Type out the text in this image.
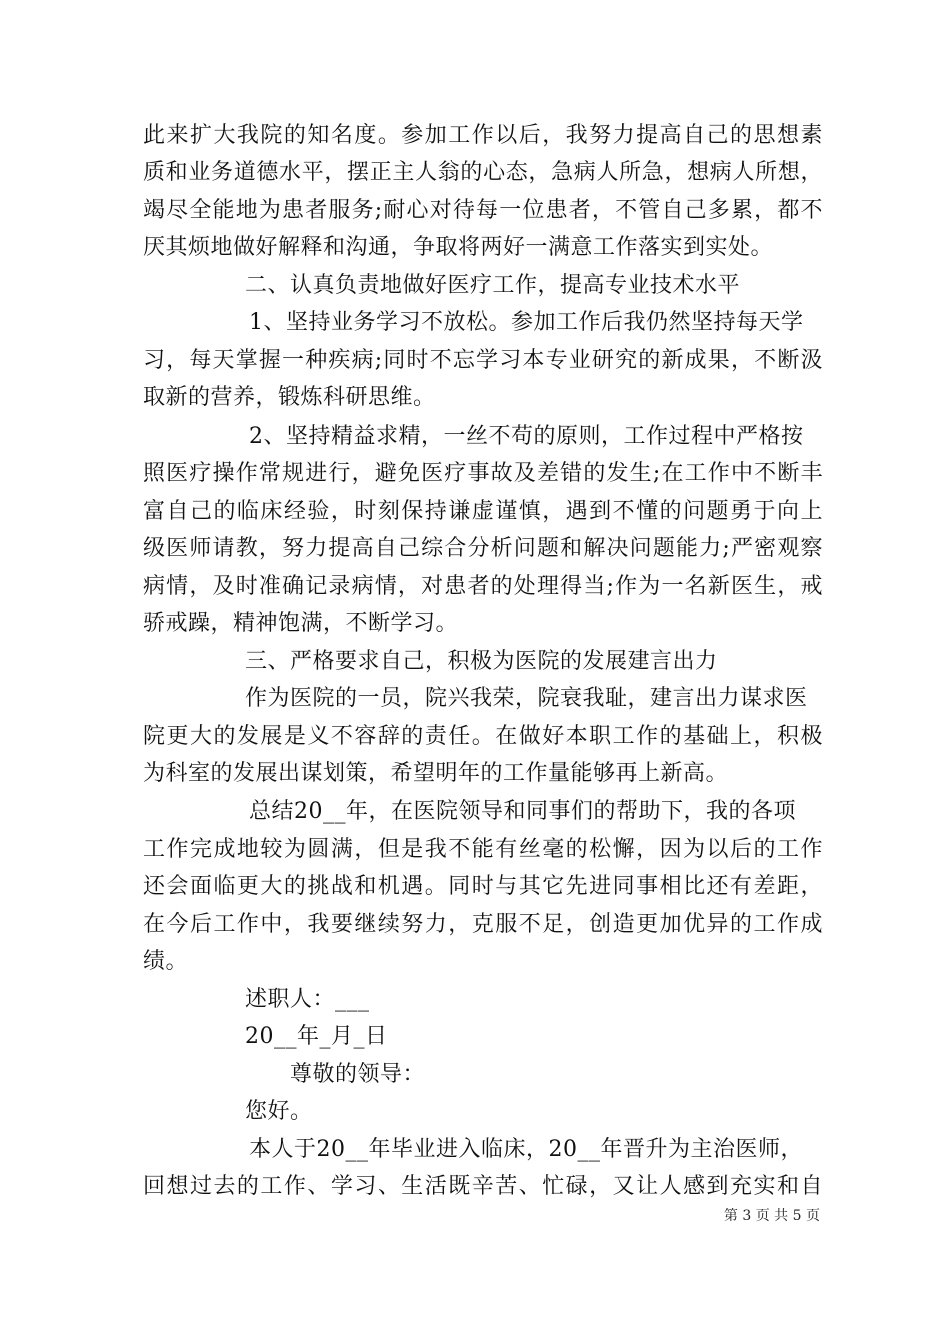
此来扩大我院的知名度。参加工作以后，我努力提高自己的思想素
质和业务道德水平，摆正主人翁的心态，急病人所急，想病人所想，
竭尽全能地为患者服务;耐心对待每一位患者，不管自己多累，都不
厌其烦地做好解释和沟通，争取将两好一满意工作落实到实处。
二、认真负责地做好医疗工作，提高专业技术水平
1、坚持业务学习不放松。参加工作后我仍然坚持每天学
习，每天掌握一种疾病;同时不忘学习本专业研究的新成果，不断汲
取新的营养，锻炼科研思维。
2、坚持精益求精，一丝不苟的原则，工作过程中严格按
照医疗操作常规进行，避免医疗事故及差错的发生;在工作中不断丰
富自己的临床经验，时刻保持谦虚谨慎，遇到不懂的问题勇于向上
级医师请教，努力提高自己综合分析问题和解决问题能力;严密观察
病情，及时准确记录病情，对患者的处理得当;作为一名新医生，戒
骄戒躁，精神饱满，不断学习。
三、严格要求自己，积极为医院的发展建言出力
作为医院的一员，院兴我荣，院衰我耻，建言出力谋求医
院更大的发展是义不容辞的责任。在做好本职工作的基础上，积极
为科室的发展出谋划策，希望明年的工作量能够再上新高。
总结20__年，在医院领导和同事们的帮助下，我的各项
工作完成地较为圆满，但是我不能有丝毫的松懈，因为以后的工作
还会面临更大的挑战和机遇。同时与其它先进同事相比还有差距，
在今后工作中，我要继续努力，克服不足，创造更加优异的工作成
绩。
述职人：___
20__年_月_日
尊敬的领导：
您好。
本人于20__年毕业进入临床，20__年晋升为主治医师，
回想过去的工作、学习、生活既辛苦、忙碌，又让人感到充实和自
第 3 页 共 5 页
